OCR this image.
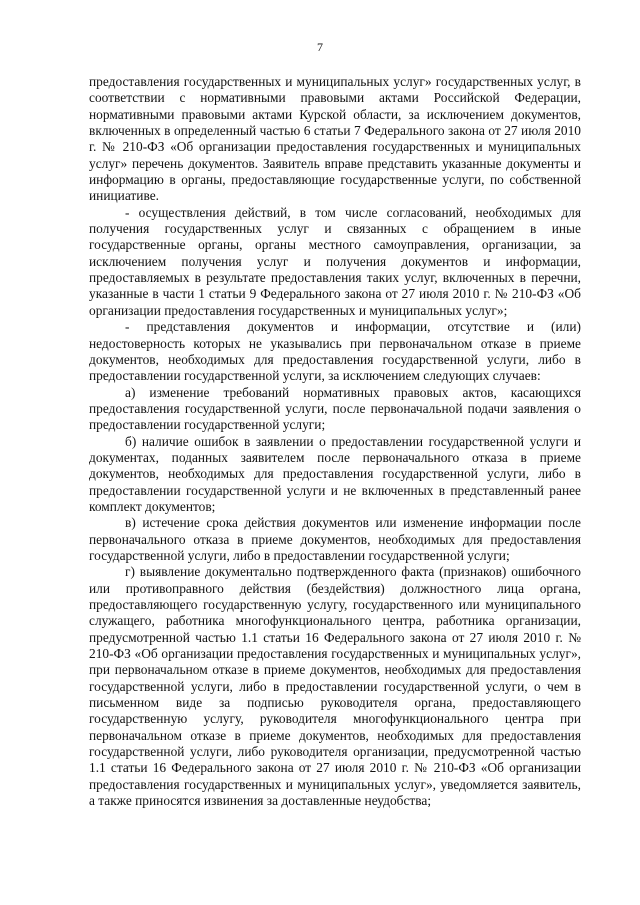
7

предоставления государственных и муниципальных услуг» государственных услуг, в соответствии с нормативными правовыми актами Российской Федерации, нормативными правовыми актами Курской области, за исключением документов, включенных в определенный частью 6 статьи 7 Федерального закона от 27 июля 2010 г. № 210-ФЗ «Об организации предоставления государственных и муниципальных услуг» перечень документов. Заявитель вправе представить указанные документы и информацию в органы, предоставляющие государственные услуги, по собственной инициативе.

- осуществления действий, в том числе согласований, необходимых для получения государственных услуг и связанных с обращением в иные государственные органы, органы местного самоуправления, организации, за исключением получения услуг и получения документов и информации, предоставляемых в результате предоставления таких услуг, включенных в перечни, указанные в части 1 статьи 9 Федерального закона от 27 июля 2010 г. № 210-ФЗ «Об организации предоставления государственных и муниципальных услуг»;

- представления документов и информации, отсутствие и (или) недостоверность которых не указывались при первоначальном отказе в приеме документов, необходимых для предоставления государственной услуги, либо в предоставлении государственной услуги, за исключением следующих случаев:

а) изменение требований нормативных правовых актов, касающихся предоставления государственной услуги, после первоначальной подачи заявления о предоставлении государственной услуги;

б) наличие ошибок в заявлении о предоставлении государственной услуги и документах, поданных заявителем после первоначального отказа в приеме документов, необходимых для предоставления государственной услуги, либо в предоставлении государственной услуги и не включенных в представленный ранее комплект документов;

в) истечение срока действия документов или изменение информации после первоначального отказа в приеме документов, необходимых для предоставления государственной услуги, либо в предоставлении государственной услуги;

г) выявление документально подтвержденного факта (признаков) ошибочного или противоправного действия (бездействия) должностного лица органа, предоставляющего государственную услугу, государственного или муниципального служащего, работника многофункционального центра, работника организации, предусмотренной частью 1.1 статьи 16 Федерального закона от 27 июля 2010 г. № 210-ФЗ «Об организации предоставления государственных и муниципальных услуг», при первоначальном отказе в приеме документов, необходимых для предоставления государственной услуги, либо в предоставлении государственной услуги, о чем в письменном виде за подписью руководителя органа, предоставляющего государственную услугу, руководителя многофункционального центра при первоначальном отказе в приеме документов, необходимых для предоставления государственной услуги, либо руководителя организации, предусмотренной частью 1.1 статьи 16 Федерального закона от 27 июля 2010 г. № 210-ФЗ «Об организации предоставления государственных и муниципальных услуг», уведомляется заявитель, а также приносятся извинения за доставленные неудобства;
